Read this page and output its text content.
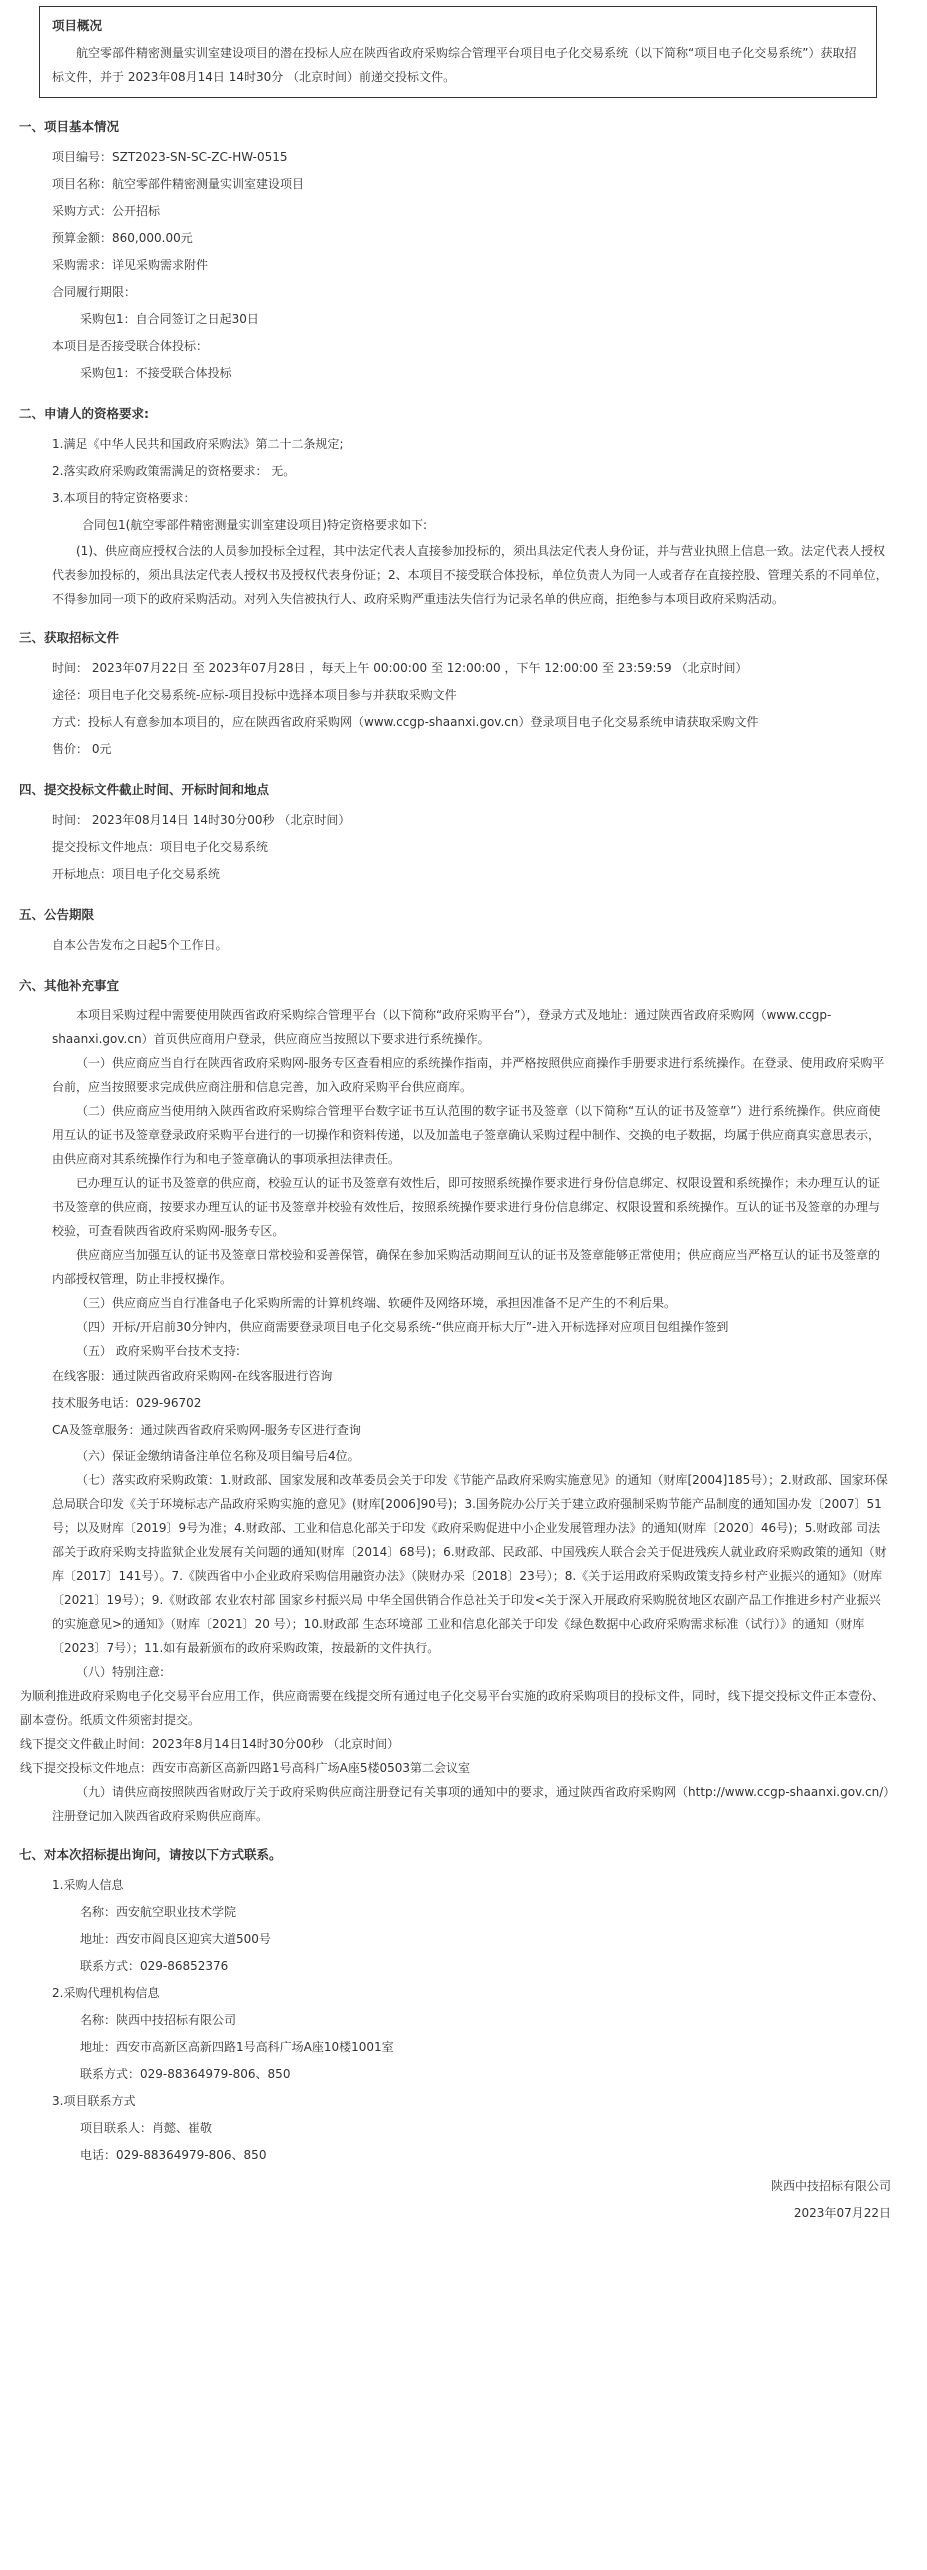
项目概况
航空零部件精密测量实训室建设项目的潜在投标人应在陕西省政府采购综合管理平台项目电子化交易系统（以下简称“项目电子化交易系统”）获取招标文件，并于 2023年08月14日 14时30分 （北京时间）前递交投标文件。
一、项目基本情况
项目编号：SZT2023-SN-SC-ZC-HW-0515
项目名称：航空零部件精密测量实训室建设项目
采购方式：公开招标
预算金额：860,000.00元
采购需求：详见采购需求附件
合同履行期限：
采购包1：自合同签订之日起30日
本项目是否接受联合体投标：
采购包1：不接受联合体投标
二、申请人的资格要求:
1.满足《中华人民共和国政府采购法》第二十二条规定;
2.落实政府采购政策需满足的资格要求： 无。
3.本项目的特定资格要求：
合同包1(航空零部件精密测量实训室建设项目)特定资格要求如下:
(1)、供应商应授权合法的人员参加投标全过程，其中法定代表人直接参加投标的，须出具法定代表人身份证，并与营业执照上信息一致。法定代表人授权代表参加投标的，须出具法定代表人授权书及授权代表身份证；2、本项目不接受联合体投标，单位负责人为同一人或者存在直接控股、管理关系的不同单位，不得参加同一项下的政府采购活动。对列入失信被执行人、政府采购严重违法失信行为记录名单的供应商，拒绝参与本项目政府采购活动。
三、获取招标文件
时间： 2023年07月22日 至 2023年07月28日 ，每天上午 00:00:00 至 12:00:00 ，下午 12:00:00 至 23:59:59 （北京时间）
途径：项目电子化交易系统-应标-项目投标中选择本项目参与并获取采购文件
方式：投标人有意参加本项目的，应在陕西省政府采购网（www.ccgp-shaanxi.gov.cn）登录项目电子化交易系统申请获取采购文件
售价： 0元
四、提交投标文件截止时间、开标时间和地点
时间： 2023年08月14日 14时30分00秒 （北京时间）
提交投标文件地点：项目电子化交易系统
开标地点：项目电子化交易系统
五、公告期限
自本公告发布之日起5个工作日。
六、其他补充事宜
本项目采购过程中需要使用陕西省政府采购综合管理平台（以下简称“政府采购平台”），登录方式及地址：通过陕西省政府采购网（www.ccgp-shaanxi.gov.cn）首页供应商用户登录，供应商应当按照以下要求进行系统操作。
（一）供应商应当自行在陕西省政府采购网-服务专区查看相应的系统操作指南，并严格按照供应商操作手册要求进行系统操作。在登录、使用政府采购平台前，应当按照要求完成供应商注册和信息完善，加入政府采购平台供应商库。
（二）供应商应当使用纳入陕西省政府采购综合管理平台数字证书互认范围的数字证书及签章（以下简称“互认的证书及签章”）进行系统操作。供应商使用互认的证书及签章登录政府采购平台进行的一切操作和资料传递，以及加盖电子签章确认采购过程中制作、交换的电子数据，均属于供应商真实意思表示，由供应商对其系统操作行为和电子签章确认的事项承担法律责任。
已办理互认的证书及签章的供应商，校验互认的证书及签章有效性后，即可按照系统操作要求进行身份信息绑定、权限设置和系统操作；未办理互认的证书及签章的供应商，按要求办理互认的证书及签章并校验有效性后，按照系统操作要求进行身份信息绑定、权限设置和系统操作。互认的证书及签章的办理与校验，可查看陕西省政府采购网-服务专区。
供应商应当加强互认的证书及签章日常校验和妥善保管，确保在参加采购活动期间互认的证书及签章能够正常使用；供应商应当严格互认的证书及签章的内部授权管理，防止非授权操作。
（三）供应商应当自行准备电子化采购所需的计算机终端、软硬件及网络环境，承担因准备不足产生的不利后果。
（四）开标/开启前30分钟内，供应商需要登录项目电子化交易系统-“供应商开标大厅”-进入开标选择对应项目包组操作签到
（五） 政府采购平台技术支持:
在线客服：通过陕西省政府采购网-在线客服进行咨询
技术服务电话：029-96702
CA及签章服务：通过陕西省政府采购网-服务专区进行查询
（六）保证金缴纳请备注单位名称及项目编号后4位。
（七）落实政府采购政策：1.财政部、国家发展和改革委员会关于印发《节能产品政府采购实施意见》的通知（财库[2004]185号）；2.财政部、国家环保总局联合印发《关于环境标志产品政府采购实施的意见》(财库[2006]90号)；3.国务院办公厅关于建立政府强制采购节能产品制度的通知国办发〔2007〕51号；以及财库〔2019〕9号为准；4.财政部、工业和信息化部关于印发《政府采购促进中小企业发展管理办法》的通知(财库〔2020〕46号)；5.财政部 司法部关于政府采购支持监狱企业发展有关问题的通知(财库〔2014〕68号)；6.财政部、民政部、中国残疾人联合会关于促进残疾人就业政府采购政策的通知（财库〔2017〕141号）。7.《陕西省中小企业政府采购信用融资办法》（陕财办采〔2018〕23号）；8.《关于运用政府采购政策支持乡村产业振兴的通知》（财库〔2021〕19号）；9.《财政部 农业农村部 国家乡村振兴局 中华全国供销合作总社关于印发<关于深入开展政府采购脱贫地区农副产品工作推进乡村产业振兴的实施意见>的通知》（财库〔2021〕20 号）；10.财政部 生态环境部 工业和信息化部关于印发《绿色数据中心政府采购需求标准（试行）》的通知（财库〔2023〕7号）；11.如有最新颁布的政府采购政策，按最新的文件执行。
（八）特别注意:
为顺利推进政府采购电子化交易平台应用工作，供应商需要在线提交所有通过电子化交易平台实施的政府采购项目的投标文件，同时，线下提交投标文件正本壹份、副本壹份。纸质文件须密封提交。
线下提交文件截止时间：2023年8月14日14时30分00秒 （北京时间）
线下提交投标文件地点：西安市高新区高新四路1号高科广场A座5楼0503第二会议室
（九）请供应商按照陕西省财政厅关于政府采购供应商注册登记有关事项的通知中的要求，通过陕西省政府采购网（http://www.ccgp-shaanxi.gov.cn/）注册登记加入陕西省政府采购供应商库。
七、对本次招标提出询问，请按以下方式联系。
1.采购人信息
名称：西安航空职业技术学院
地址：西安市阎良区迎宾大道500号
联系方式：029-86852376
2.采购代理机构信息
名称：陕西中技招标有限公司
地址：西安市高新区高新四路1号高科广场A座10楼1001室
联系方式：029-88364979-806、850
3.项目联系方式
项目联系人：肖懿、崔敬
电话：029-88364979-806、850
陕西中技招标有限公司
2023年07月22日
